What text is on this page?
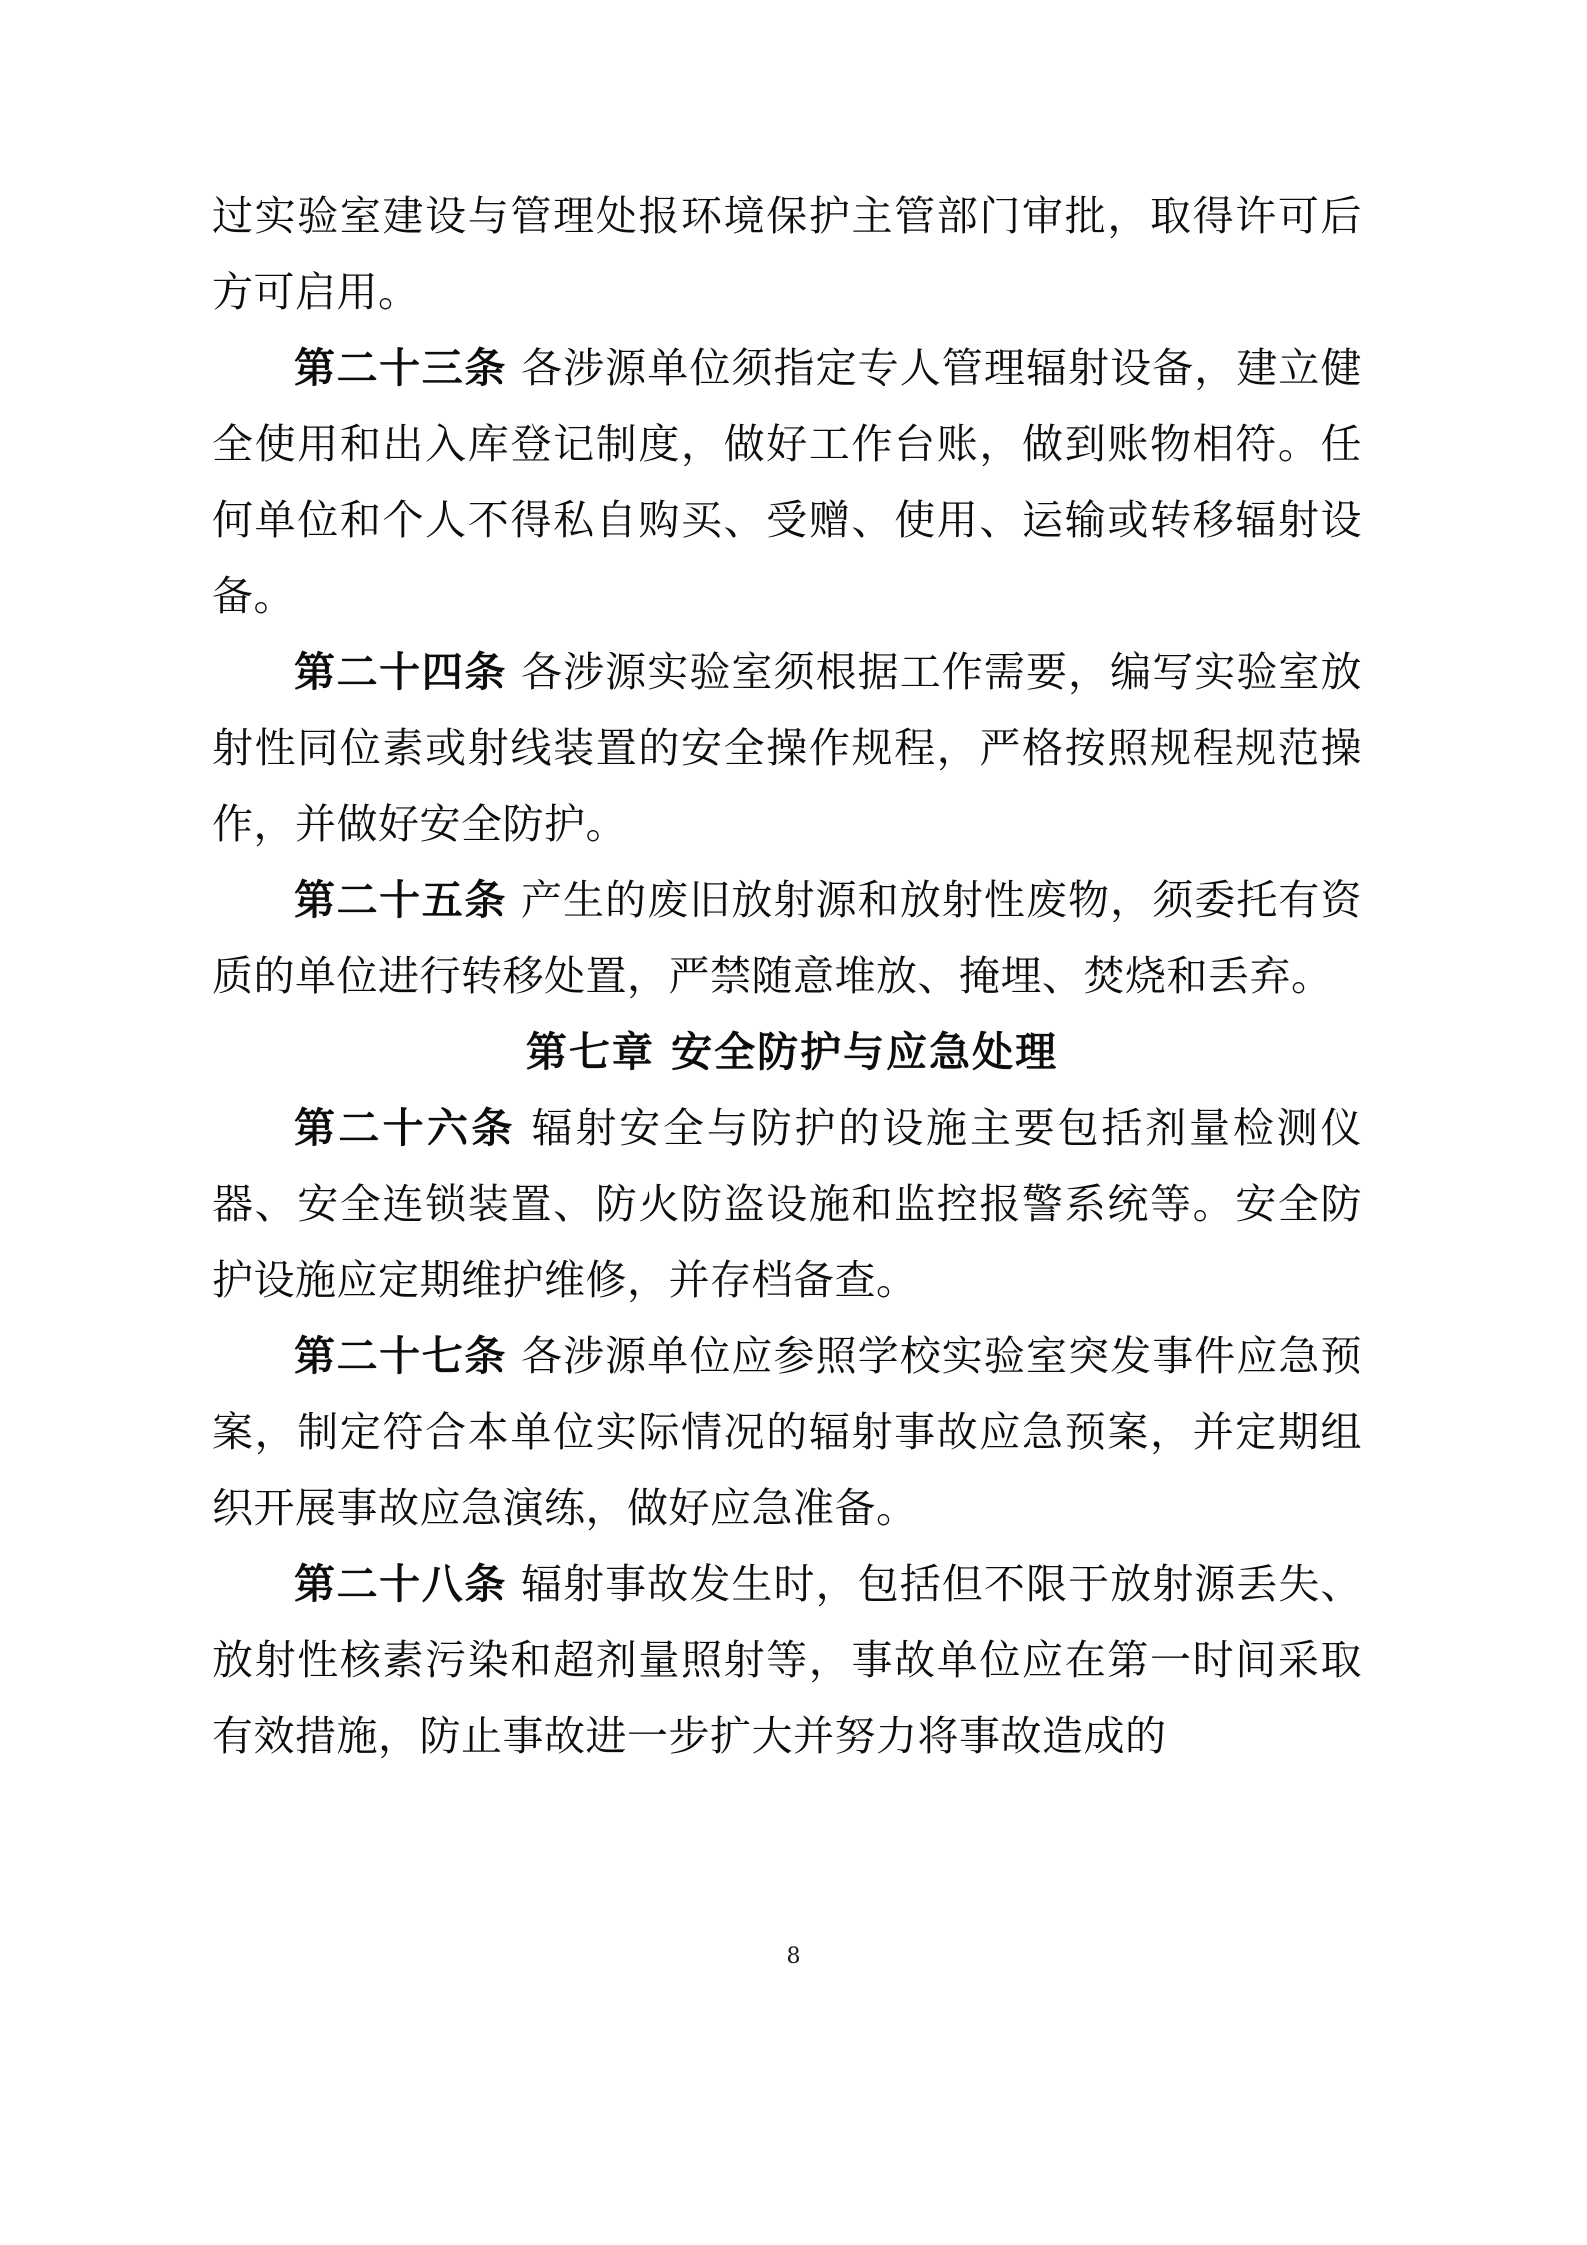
过实验室建设与管理处报环境保护主管部门审批，取得许可后方可启用。

第二十三条 各涉源单位须指定专人管理辐射设备，建立健全使用和出入库登记制度，做好工作台账，做到账物相符。任何单位和个人不得私自购买、受赠、使用、运输或转移辐射设备。

第二十四条 各涉源实验室须根据工作需要，编写实验室放射性同位素或射线装置的安全操作规程，严格按照规程规范操作，并做好安全防护。

第二十五条 产生的废旧放射源和放射性废物，须委托有资质的单位进行转移处置，严禁随意堆放、掩埋、焚烧和丢弃。

第七章 安全防护与应急处理

第二十六条 辐射安全与防护的设施主要包括剂量检测仪器、安全连锁装置、防火防盗设施和监控报警系统等。安全防护设施应定期维护维修，并存档备查。

第二十七条 各涉源单位应参照学校实验室突发事件应急预案，制定符合本单位实际情况的辐射事故应急预案，并定期组织开展事故应急演练，做好应急准备。

第二十八条 辐射事故发生时，包括但不限于放射源丢失、放射性核素污染和超剂量照射等，事故单位应在第一时间采取有效措施，防止事故进一步扩大并努力将事故造成的

8
